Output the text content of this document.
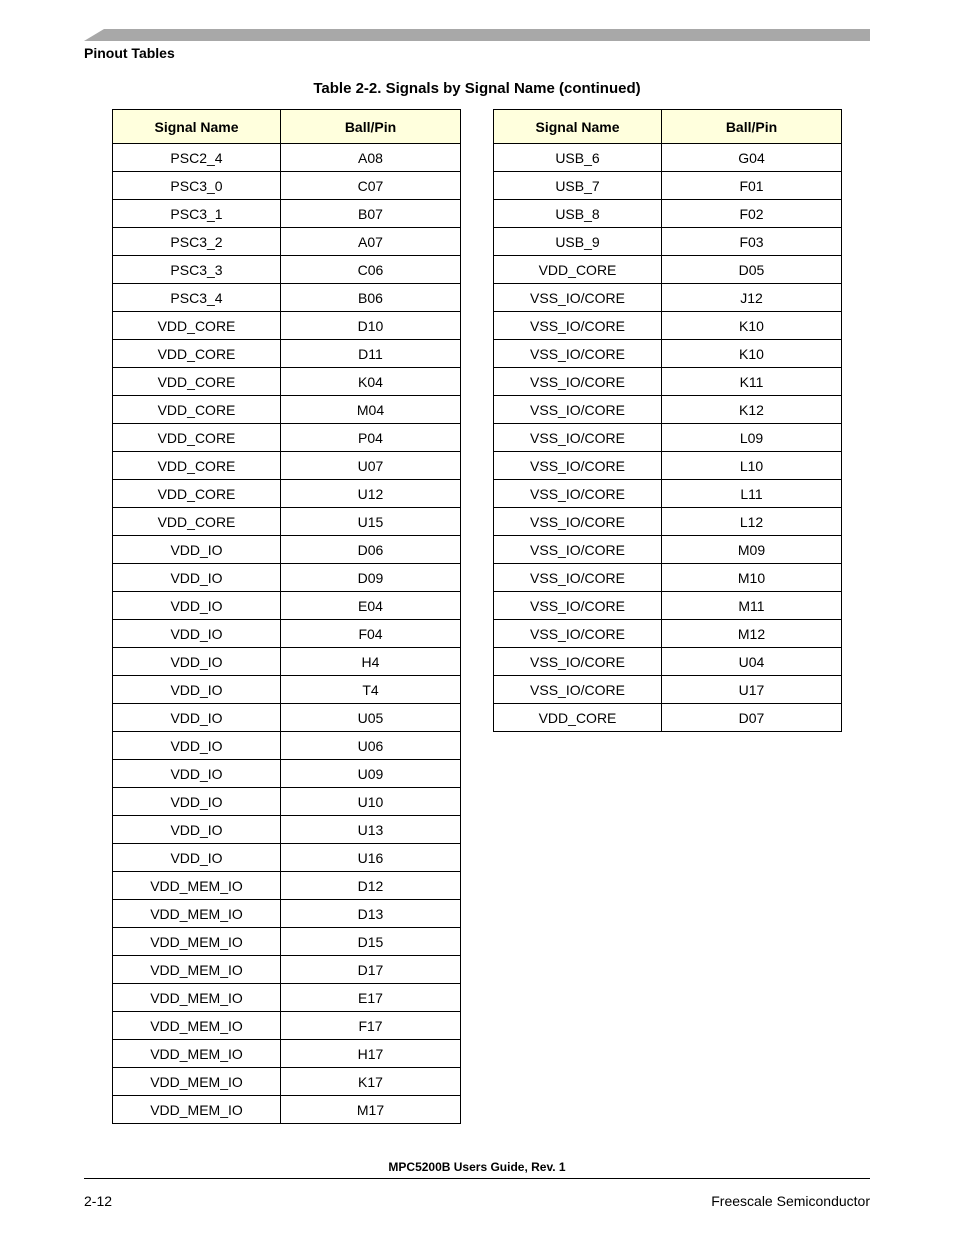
Pinout Tables
Table 2-2. Signals by Signal Name (continued)
Signal Name	Ball/Pin
PSC2_4	A08
PSC3_0	C07
PSC3_1	B07
PSC3_2	A07
PSC3_3	C06
PSC3_4	B06
VDD_CORE	D10
VDD_CORE	D11
VDD_CORE	K04
VDD_CORE	M04
VDD_CORE	P04
VDD_CORE	U07
VDD_CORE	U12
VDD_CORE	U15
VDD_IO	D06
VDD_IO	D09
VDD_IO	E04
VDD_IO	F04
VDD_IO	H4
VDD_IO	T4
VDD_IO	U05
VDD_IO	U06
VDD_IO	U09
VDD_IO	U10
VDD_IO	U13
VDD_IO	U16
VDD_MEM_IO	D12
VDD_MEM_IO	D13
VDD_MEM_IO	D15
VDD_MEM_IO	D17
VDD_MEM_IO	E17
VDD_MEM_IO	F17
VDD_MEM_IO	H17
VDD_MEM_IO	K17
VDD_MEM_IO	M17
Signal Name	Ball/Pin
USB_6	G04
USB_7	F01
USB_8	F02
USB_9	F03
VDD_CORE	D05
VSS_IO/CORE	J12
VSS_IO/CORE	K10
VSS_IO/CORE	K10
VSS_IO/CORE	K11
VSS_IO/CORE	K12
VSS_IO/CORE	L09
VSS_IO/CORE	L10
VSS_IO/CORE	L11
VSS_IO/CORE	L12
VSS_IO/CORE	M09
VSS_IO/CORE	M10
VSS_IO/CORE	M11
VSS_IO/CORE	M12
VSS_IO/CORE	U04
VSS_IO/CORE	U17
VDD_CORE	D07
MPC5200B Users Guide, Rev. 1
2-12	Freescale Semiconductor
